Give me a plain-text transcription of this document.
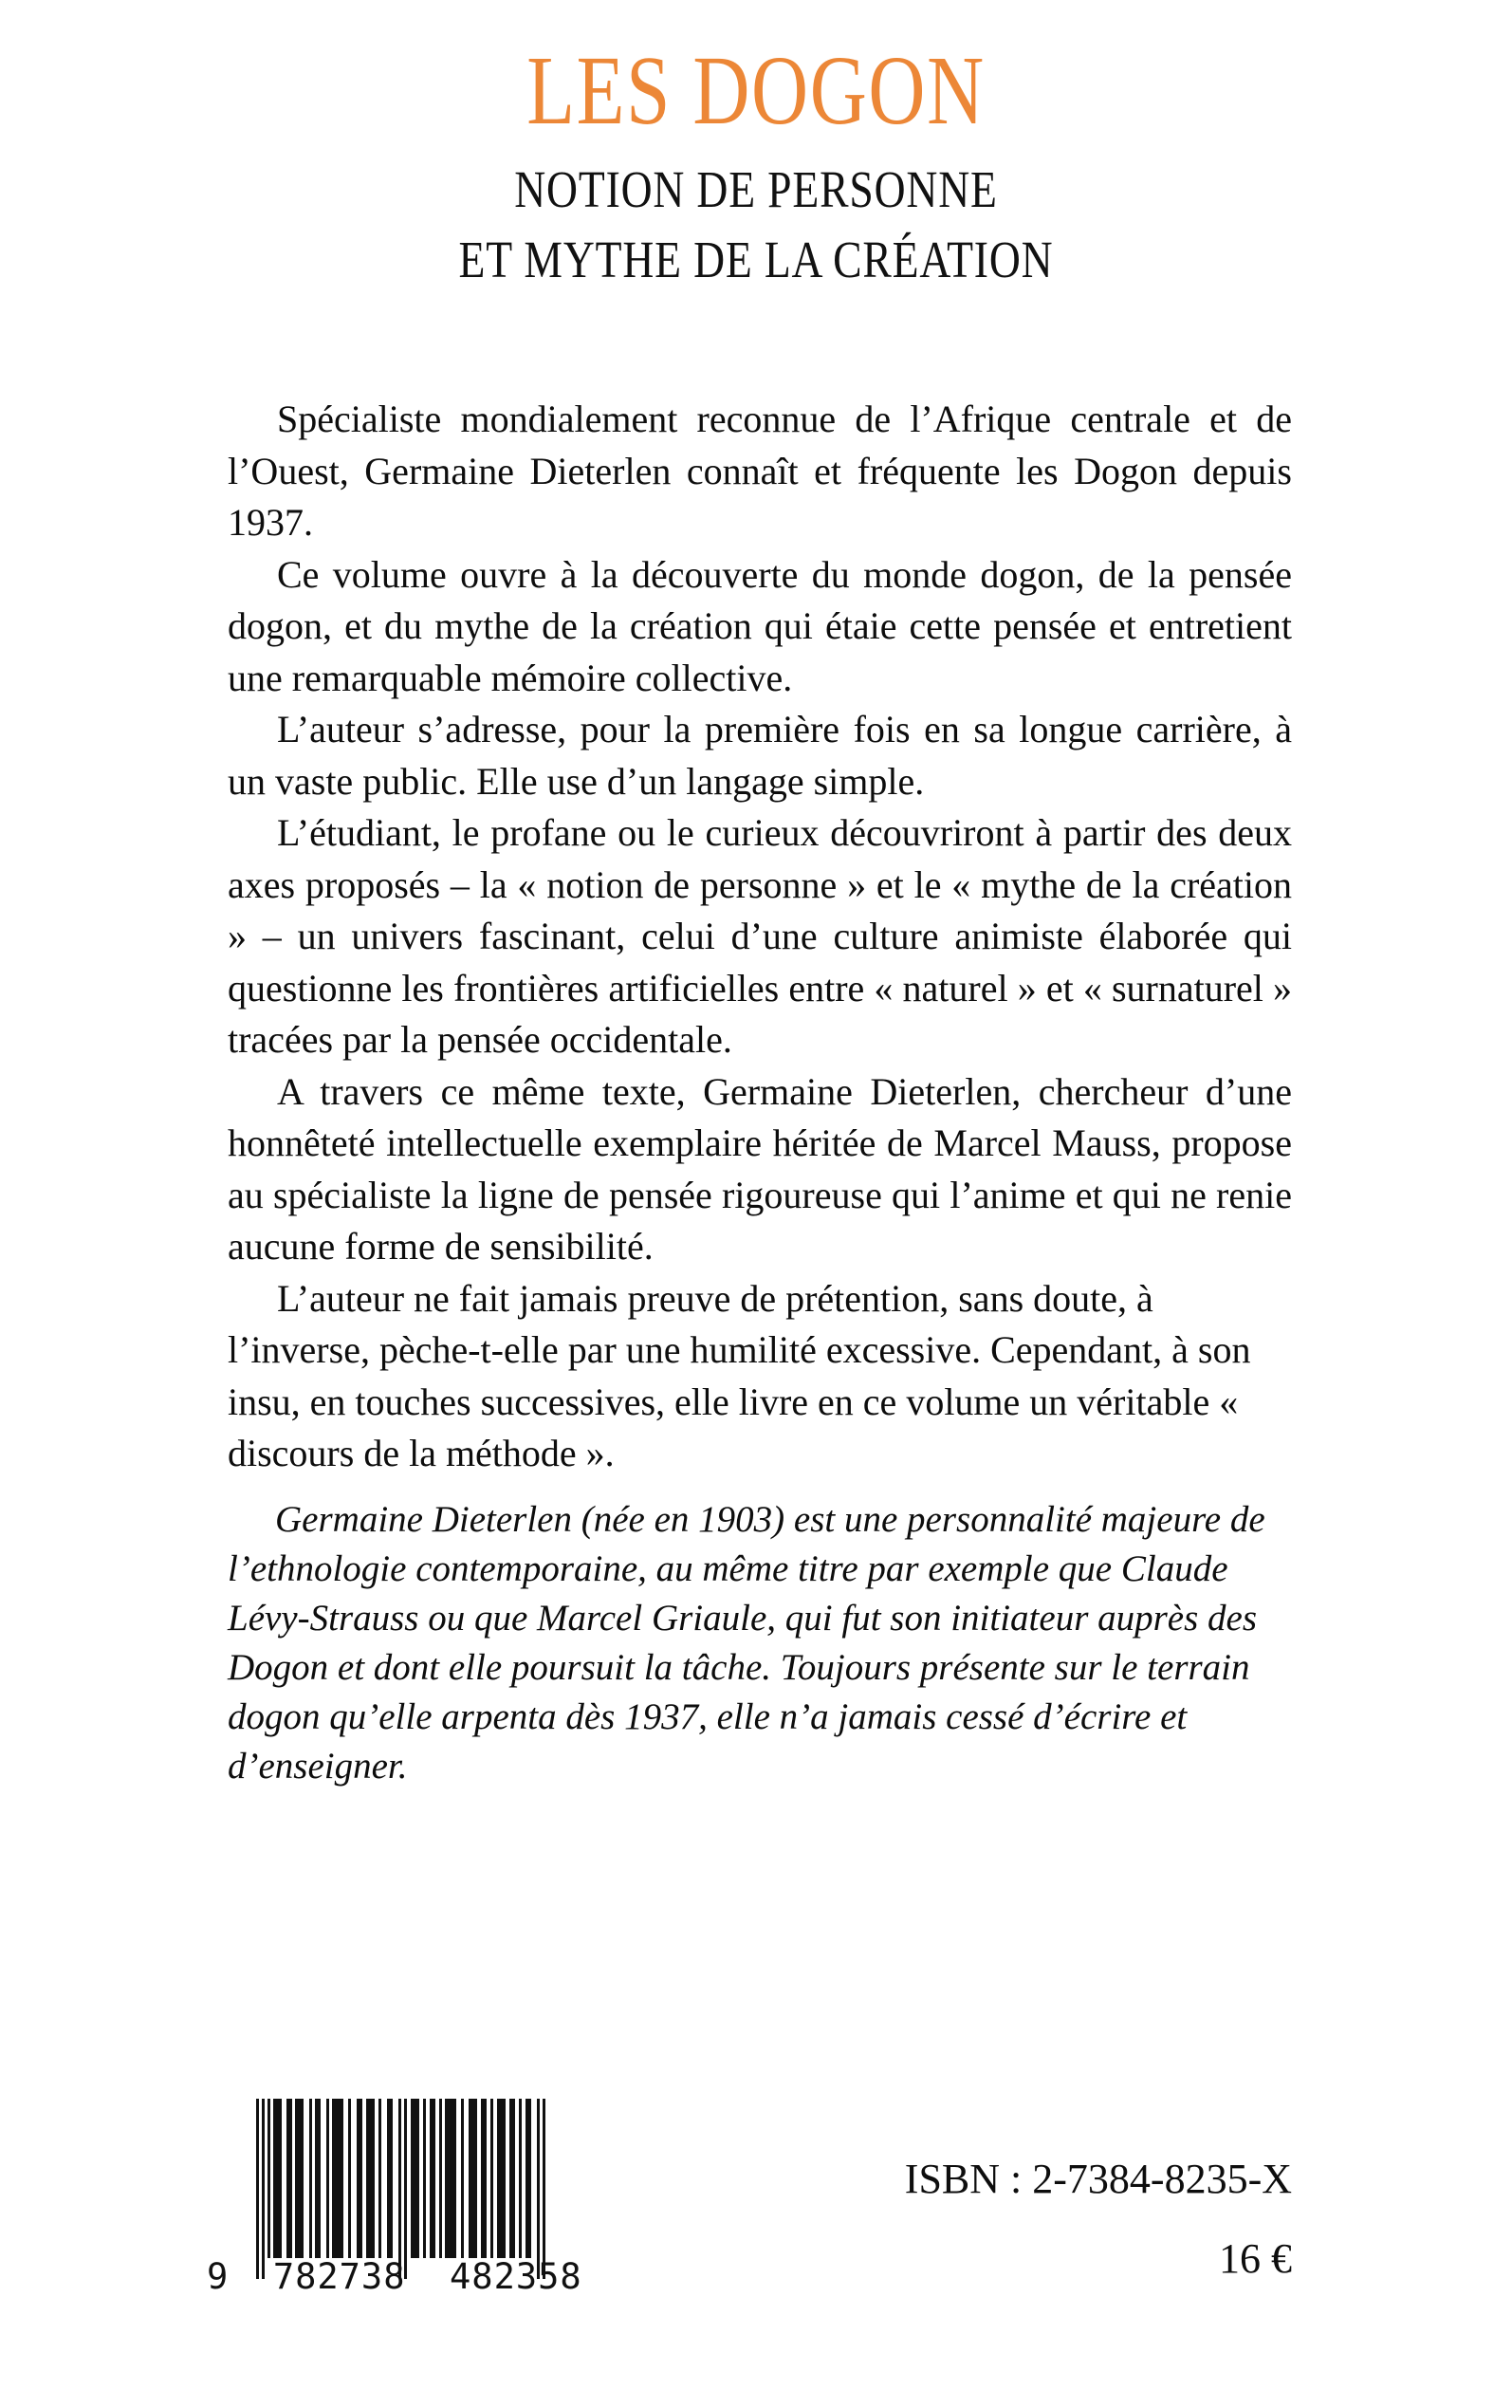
LES DOGON
NOTION DE PERSONNE
ET MYTHE DE LA CRÉATION

Spécialiste mondialement reconnue de l’Afrique centrale et de l’Ouest, Germaine Dieterlen connaît et fréquente les Dogon depuis 1937.

Ce volume ouvre à la découverte du monde dogon, de la pensée dogon, et du mythe de la création qui étaie cette pensée et entretient une remarquable mémoire collective.

L’auteur s’adresse, pour la première fois en sa longue carrière, à un vaste public. Elle use d’un langage simple.

L’étudiant, le profane ou le curieux découvriront à partir des deux axes proposés – la « notion de personne » et le « mythe de la création » – un univers fascinant, celui d’une culture animiste élaborée qui questionne les frontières artificielles entre « naturel » et « surnaturel » tracées par la pensée occidentale.

A travers ce même texte, Germaine Dieterlen, chercheur d’une honnêteté intellectuelle exemplaire héritée de Marcel Mauss, propose au spécialiste la ligne de pensée rigoureuse qui l’anime et qui ne renie aucune forme de sensibilité.

L’auteur ne fait jamais preuve de prétention, sans doute, à l’inverse, pèche-t-elle par une humilité excessive. Cependant, à son insu, en touches successives, elle livre en ce volume un véritable « discours de la méthode ».

Germaine Dieterlen (née en 1903) est une personnalité majeure de l’ethnologie contemporaine, au même titre par exemple que Claude Lévy-Strauss ou que Marcel Griaule, qui fut son initiateur auprès des Dogon et dont elle poursuit la tâche. Toujours présente sur le terrain dogon qu’elle arpenta dès 1937, elle n’a jamais cessé d’écrire et d’enseigner.

9  782738  482358
ISBN : 2-7384-8235-X
16 €
